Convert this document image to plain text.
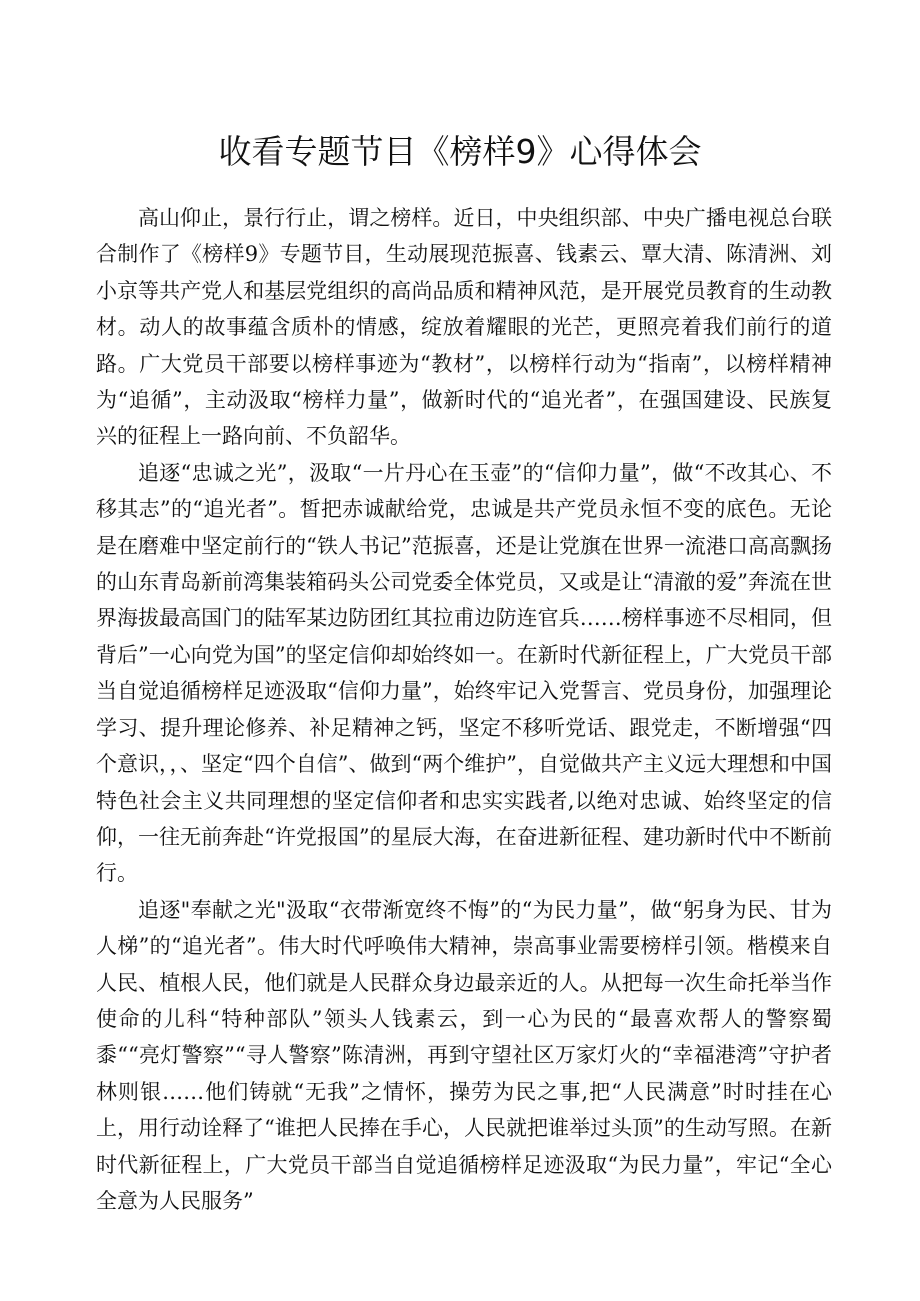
收看专题节目《榜样9》心得体会

高山仰止，景行行止，谓之榜样。近日，中央组织部、中央广播电视总台联合制作了《榜样9》专题节目，生动展现范振喜、钱素云、覃大清、陈清洲、刘小京等共产党人和基层党组织的高尚品质和精神风范，是开展党员教育的生动教材。动人的故事蕴含质朴的情感，绽放着耀眼的光芒，更照亮着我们前行的道路。广大党员干部要以榜样事迹为“教材”，以榜样行动为“指南”，以榜样精神为“追循”，主动汲取“榜样力量”，做新时代的“追光者”，在强国建设、民族复兴的征程上一路向前、不负韶华。

追逐“忠诚之光”，汲取“一片丹心在玉壶”的“信仰力量”，做“不改其心、不移其志”的“追光者”。皙把赤诚献给党，忠诚是共产党员永恒不变的底色。无论是在磨难中坚定前行的“铁人书记”范振喜，还是让党旗在世界一流港口高高飘扬的山东青岛新前湾集装箱码头公司党委全体党员，又或是让“清澈的爱”奔流在世界海拔最高国门的陆军某边防团红其拉甫边防连官兵……榜样事迹不尽相同，但背后”一心向党为国”的坚定信仰却始终如一。在新时代新征程上，广大党员干部当自觉追循榜样足迹汲取“信仰力量”，始终牢记入党誓言、党员身份，加强理论学习、提升理论修养、补足精神之钙，坚定不移听党话、跟党走，不断增强“四个意识，，、坚定“四个自信”、做到“两个维护”，自觉做共产主义远大理想和中国特色社会主义共同理想的坚定信仰者和忠实实践者,以绝对忠诚、始终坚定的信仰，一往无前奔赴“许党报国”的星辰大海，在奋进新征程、建功新时代中不断前行。

追逐"奉献之光"汲取“衣带渐宽终不悔”的“为民力量”，做“躬身为民、甘为人梯”的“追光者”。伟大时代呼唤伟大精神，崇高事业需要榜样引领。楷模来自人民、植根人民，他们就是人民群众身边最亲近的人。从把每一次生命托举当作使命的儿科“特种部队”领头人钱素云，到一心为民的“最喜欢帮人的警察蜀黍““亮灯警察”“寻人警察”陈清洲，再到守望社区万家灯火的“幸福港湾”守护者林则银……他们铸就“无我”之情怀，操劳为民之事,把“人民满意”时时挂在心上，用行动诠释了“谁把人民捧在手心，人民就把谁举过头顶”的生动写照。在新时代新征程上，广大党员干部当自觉追循榜样足迹汲取“为民力量”，牢记“全心全意为人民服务”
